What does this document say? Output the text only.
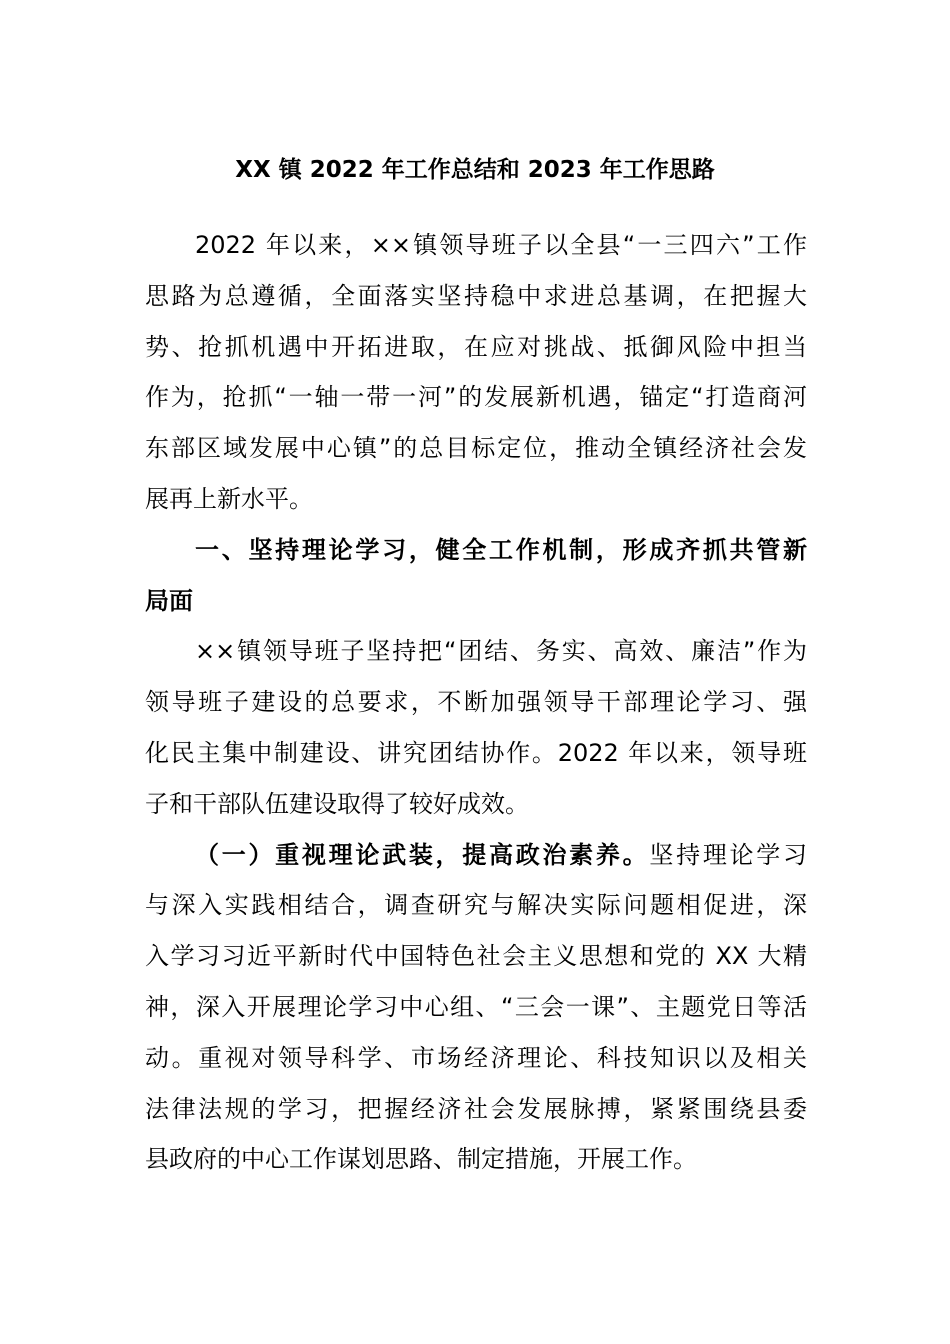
XX 镇 2022 年工作总结和 2023 年工作思路
2022 年以来，××镇领导班子以全县“一三四六”工作
思路为总遵循，全面落实坚持稳中求进总基调，在把握大
势、抢抓机遇中开拓进取，在应对挑战、抵御风险中担当
作为，抢抓“一轴一带一河”的发展新机遇，锚定“打造商河
东部区域发展中心镇”的总目标定位，推动全镇经济社会发
展再上新水平。
一、坚持理论学习，健全工作机制，形成齐抓共管新
局面
××镇领导班子坚持把“团结、务实、高效、廉洁”作为
领导班子建设的总要求，不断加强领导干部理论学习、强
化民主集中制建设、讲究团结协作。2022 年以来，领导班
子和干部队伍建设取得了较好成效。
（一）重视理论武装，提高政治素养。坚持理论学习
与深入实践相结合，调查研究与解决实际问题相促进，深
入学习习近平新时代中国特色社会主义思想和党的 XX 大精
神，深入开展理论学习中心组、“三会一课”、主题党日等活
动。重视对领导科学、市场经济理论、科技知识以及相关
法律法规的学习，把握经济社会发展脉搏，紧紧围绕县委
县政府的中心工作谋划思路、制定措施，开展工作。
